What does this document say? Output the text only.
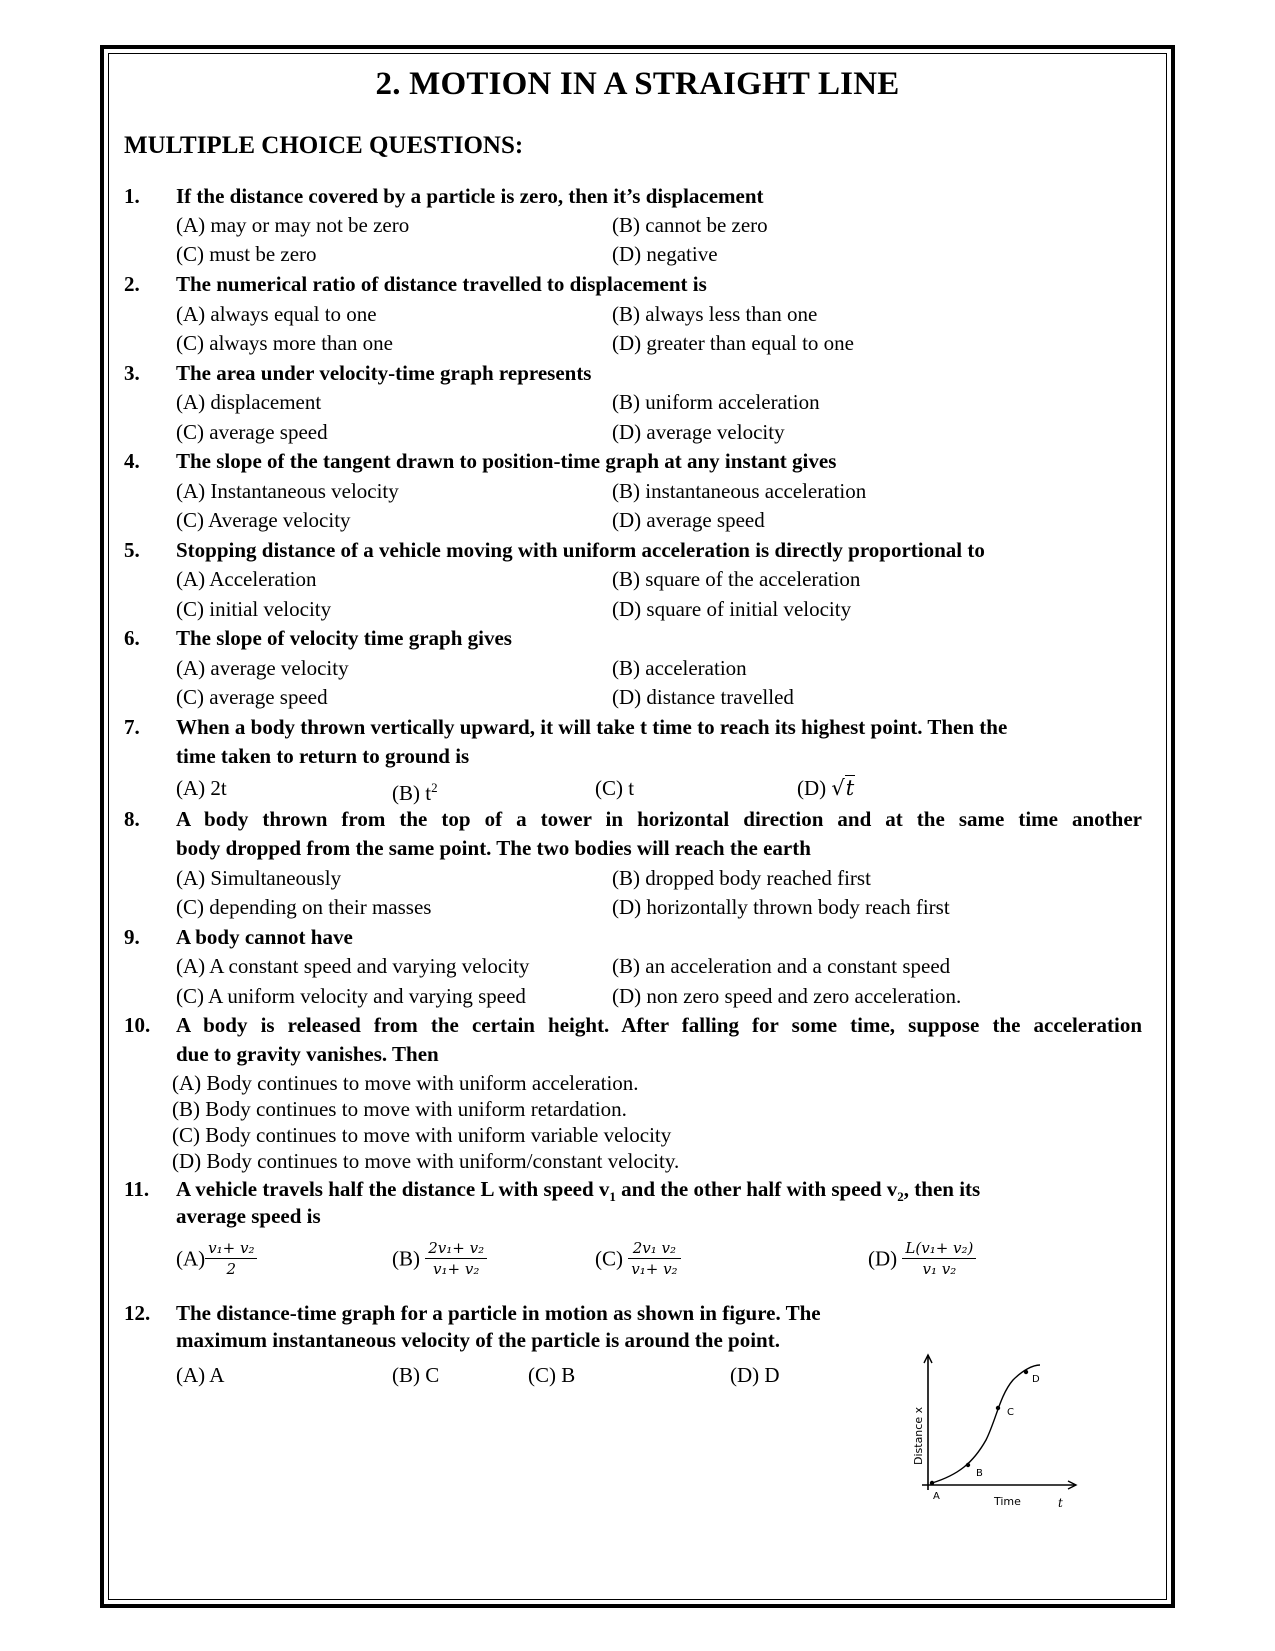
2. MOTION IN A STRAIGHT LINE
MULTIPLE CHOICE QUESTIONS:
1. If the distance covered by a particle is zero, then it’s displacement
(A) may or may not be zero	(B) cannot be zero
(C) must be zero	(D) negative
2. The numerical ratio of distance travelled to displacement is
(A) always equal to one	(B) always less than one
(C) always more than one	(D) greater than equal to one
3. The area under velocity-time graph represents
(A) displacement	(B) uniform acceleration
(C) average speed	(D) average velocity
4. The slope of the tangent drawn to position-time graph at any instant gives
(A) Instantaneous velocity	(B) instantaneous acceleration
(C) Average velocity	(D) average speed
5. Stopping distance of a vehicle moving with uniform acceleration is directly proportional to
(A) Acceleration	(B) square of the acceleration
(C) initial velocity	(D) square of initial velocity
6. The slope of velocity time graph gives
(A) average velocity	(B) acceleration
(C) average speed	(D) distance travelled
7. When a body thrown vertically upward, it will take t time to reach its highest point. Then the
time taken to return to ground is
(A) 2t	(B) $t^2$	(C) t	(D) √t
8. A body thrown from the top of a tower in horizontal direction and at the same time another
body dropped from the same point. The two bodies will reach the earth
(A) Simultaneously	(B) dropped body reached first
(C) depending on their masses	(D) horizontally thrown body reach first
9. A body cannot have
(A) A constant speed and varying velocity	(B) an acceleration and a constant speed
(C) A uniform velocity and varying speed	(D) non zero speed and zero acceleration.
10. A body is released from the certain height. After falling for some time, suppose the acceleration
due to gravity vanishes. Then
(A) Body continues to move with uniform acceleration.
(B) Body continues to move with uniform retardation.
(C) Body continues to move with uniform variable velocity
(D) Body continues to move with uniform/constant velocity.
11. A vehicle travels half the distance L with speed $v_1$ and the other half with speed $v_2$, then its
average speed is
$(A) \frac{\text{v₁+ v₂}}{2}$	$(B) \frac{\text{2v₁+ v₂}}{\text{v₁+ v₂}}$	$(C) \frac{\text{2v₁ v₂}}{\text{v₁+ v₂}}$	$(D) \frac{\text{L(v₁+ v₂)}}{\text{v₁ v₂}}$
12. The distance-time graph for a particle in motion as shown in figure. The
maximum instantaneous velocity of the particle is around the point.
(A) A	(B) C	(C) B	(D) D
A
B
C
D
Time	t
Distance x
